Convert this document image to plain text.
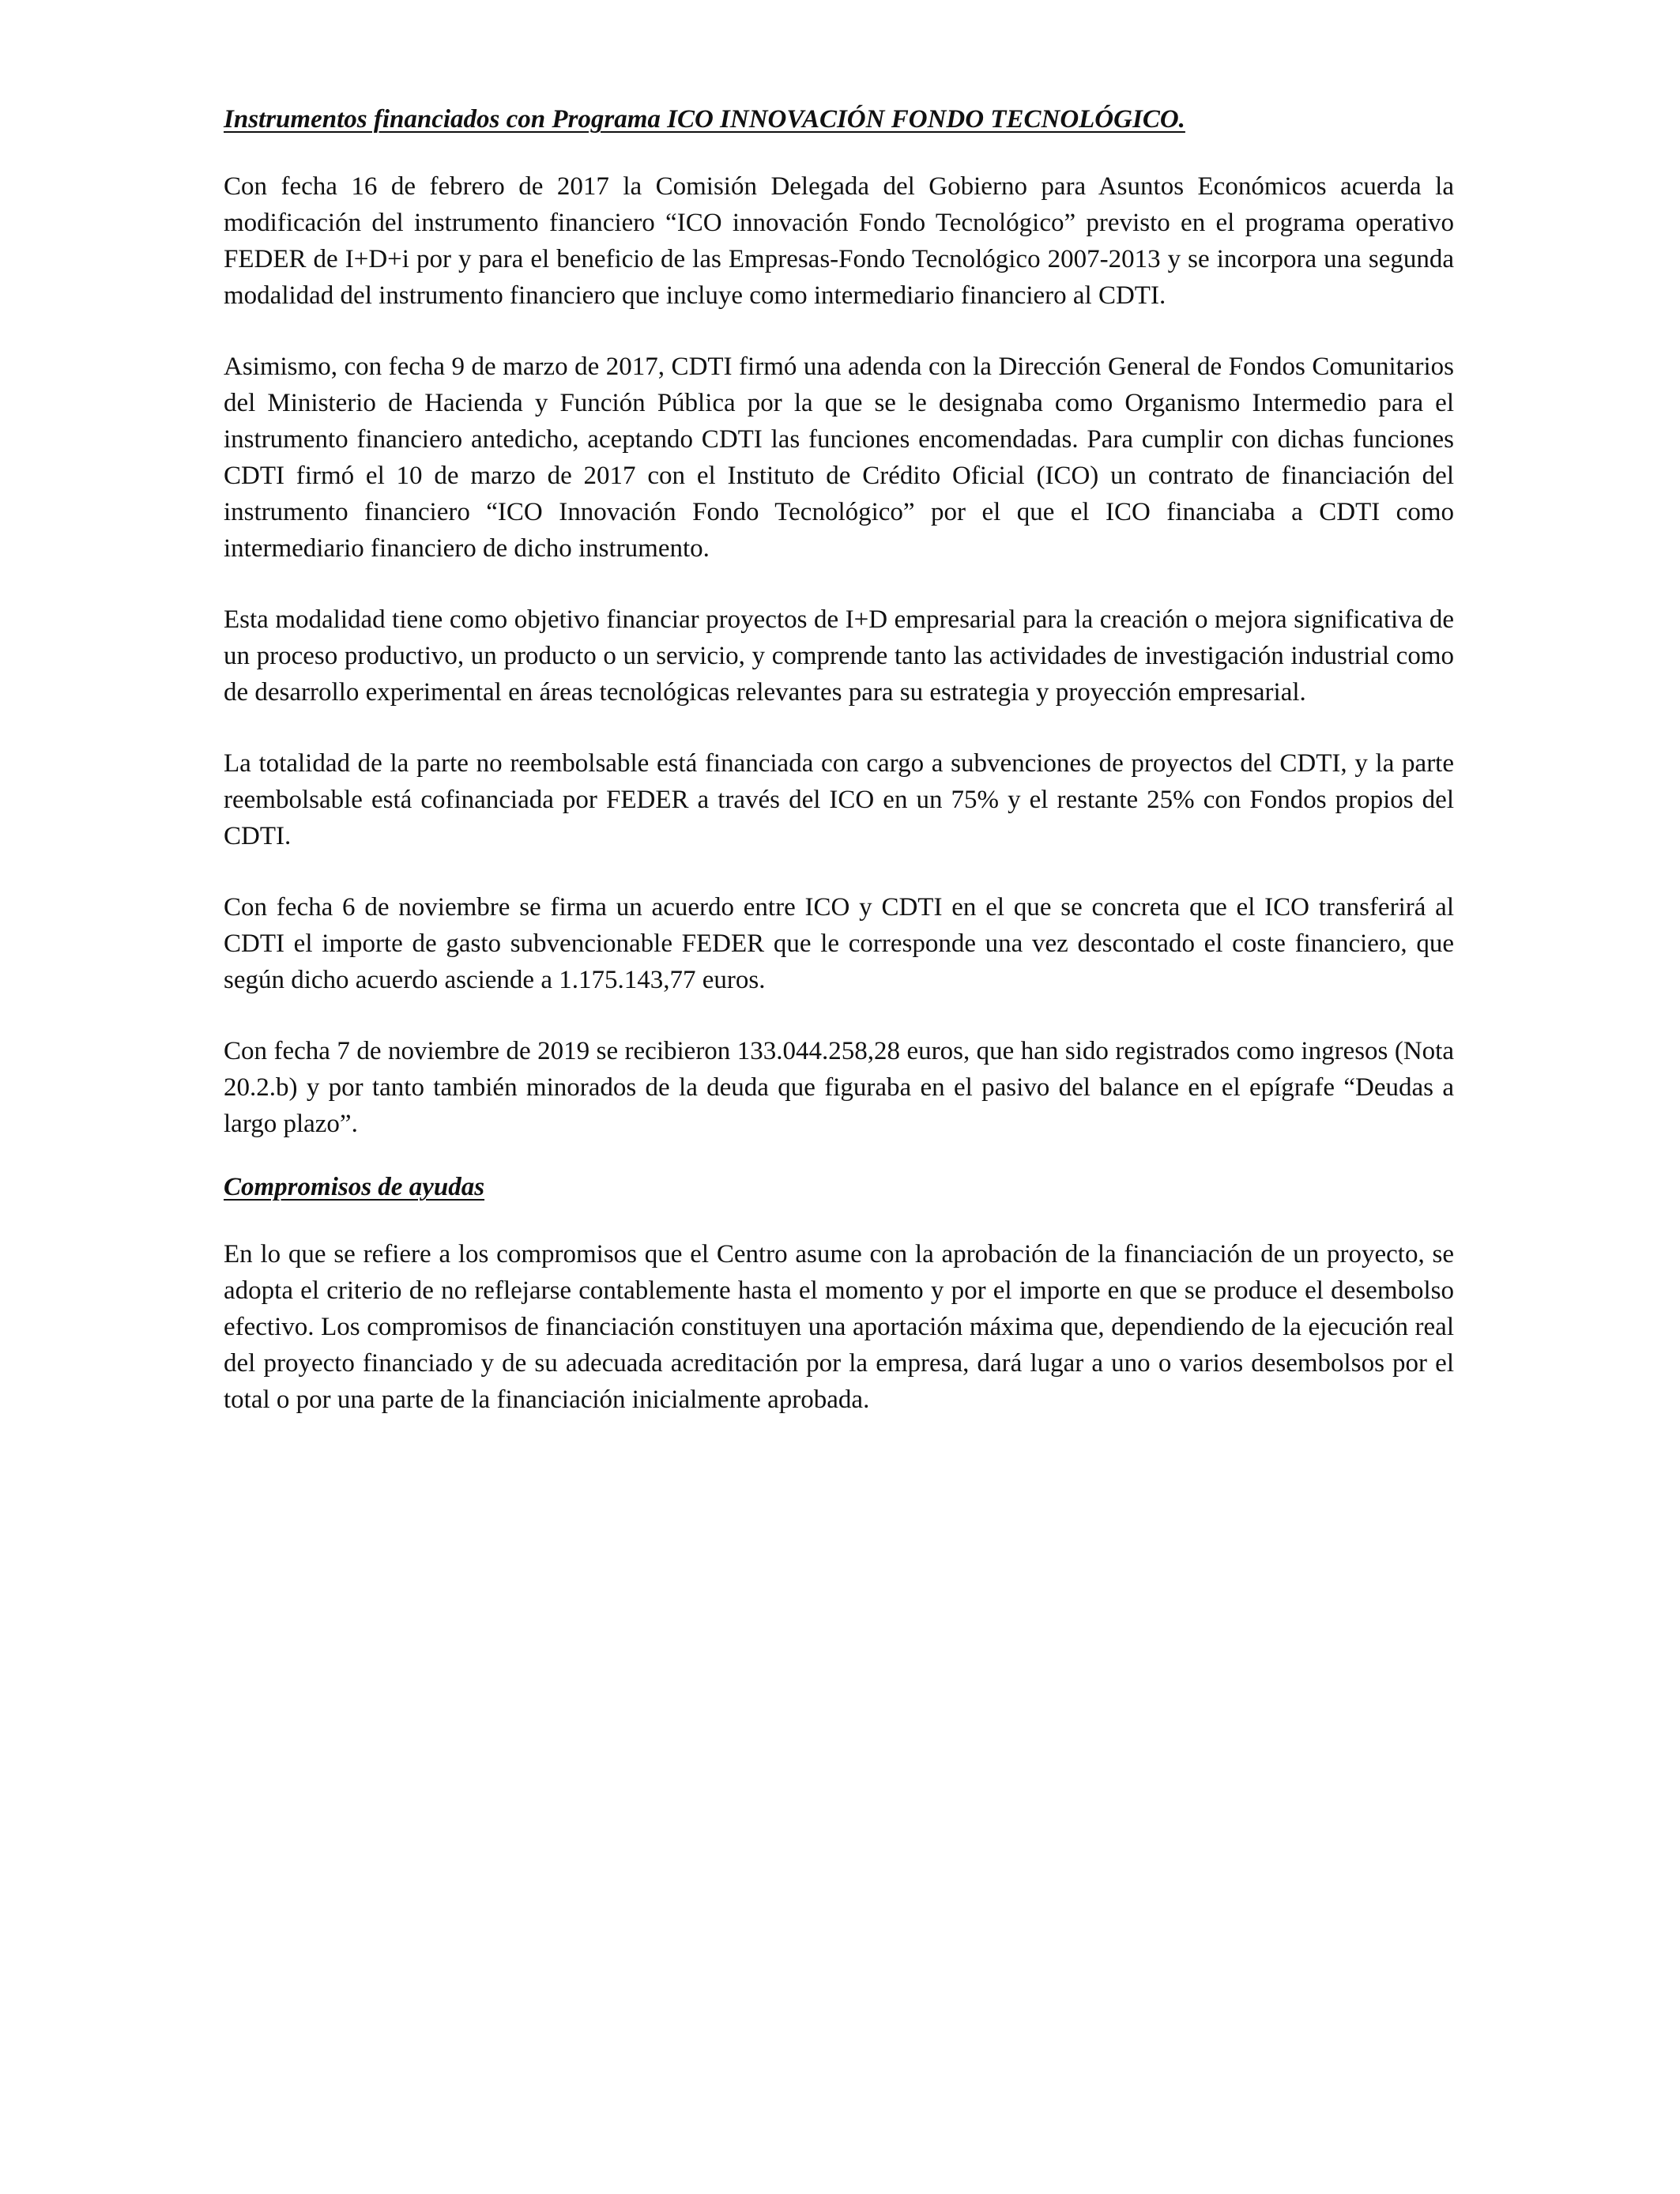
Instrumentos financiados con Programa ICO INNOVACIÓN FONDO TECNOLÓGICO.

Con fecha 16 de febrero de 2017 la Comisión Delegada del Gobierno para Asuntos Económicos acuerda la modificación del instrumento financiero “ICO innovación Fondo Tecnológico” previsto en el programa operativo FEDER de I+D+i por y para el beneficio de las Empresas-Fondo Tecnológico 2007-2013 y se incorpora una segunda modalidad del instrumento financiero que incluye como intermediario financiero al CDTI.

Asimismo, con fecha 9 de marzo de 2017, CDTI firmó una adenda con la Dirección General de Fondos Comunitarios del Ministerio de Hacienda y Función Pública por la que se le designaba como Organismo Intermedio para el instrumento financiero antedicho, aceptando CDTI las funciones encomendadas. Para cumplir con dichas funciones CDTI firmó el 10 de marzo de 2017 con el Instituto de Crédito Oficial (ICO) un contrato de financiación del instrumento financiero “ICO Innovación Fondo Tecnológico” por el que el ICO financiaba a CDTI como intermediario financiero de dicho instrumento.

Esta modalidad tiene como objetivo financiar proyectos de I+D empresarial para la creación o mejora significativa de un proceso productivo, un producto o un servicio, y comprende tanto las actividades de investigación industrial como de desarrollo experimental en áreas tecnológicas relevantes para su estrategia y proyección empresarial.

La totalidad de la parte no reembolsable está financiada con cargo a subvenciones de proyectos del CDTI, y la parte reembolsable está cofinanciada por FEDER a través del ICO en un 75% y el restante 25% con Fondos propios del CDTI.

Con fecha 6 de noviembre se firma un acuerdo entre ICO y CDTI en el que se concreta que el ICO transferirá al CDTI el importe de gasto subvencionable FEDER que le corresponde una vez descontado el coste financiero, que según dicho acuerdo asciende a 1.175.143,77 euros.

Con fecha 7 de noviembre de 2019 se recibieron 133.044.258,28 euros, que han sido registrados como ingresos (Nota 20.2.b) y por tanto también minorados de la deuda que figuraba en el pasivo del balance en el epígrafe “Deudas a largo plazo”.

Compromisos de ayudas

En lo que se refiere a los compromisos que el Centro asume con la aprobación de la financiación de un proyecto, se adopta el criterio de no reflejarse contablemente hasta el momento y por el importe en que se produce el desembolso efectivo. Los compromisos de financiación constituyen una aportación máxima que, dependiendo de la ejecución real del proyecto financiado y de su adecuada acreditación por la empresa, dará lugar a uno o varios desembolsos por el total o por una parte de la financiación inicialmente aprobada.
